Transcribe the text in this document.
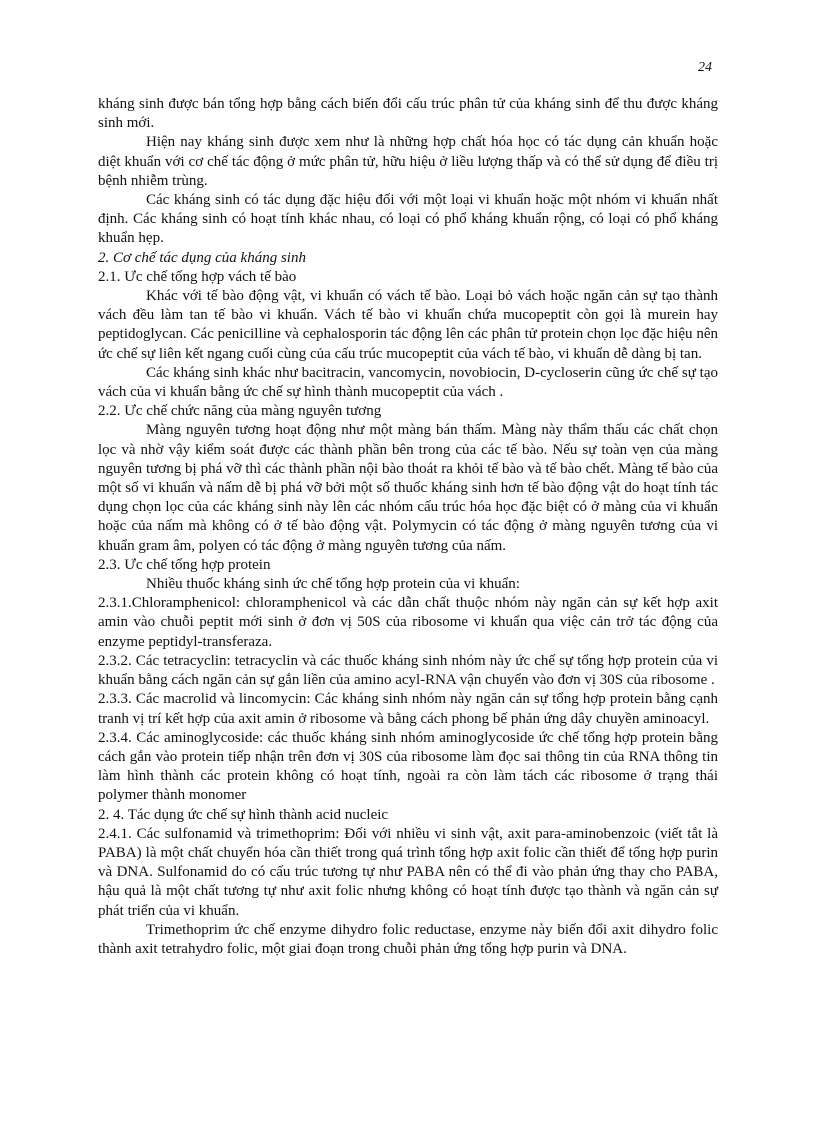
24

kháng sinh được bán tổng hợp bằng cách biến đổi cấu trúc phân tử của kháng sinh để thu được kháng sinh mới.

Hiện nay kháng sinh được xem như là những hợp chất hóa học có tác dụng cản khuẩn hoặc diệt khuẩn với cơ chế tác động ở mức phân tử, hữu hiệu ở liều lượng thấp và có thể sử dụng để điều trị bệnh nhiễm trùng.

Các kháng sinh có tác dụng đặc hiệu đối với một loại vi khuẩn hoặc một nhóm vi khuẩn nhất định. Các kháng sinh có hoạt tính khác nhau, có loại có phổ kháng khuẩn rộng, có loại có phổ kháng khuẩn hẹp.

2. Cơ chế tác dụng của kháng sinh

2.1. Ưc chế tổng hợp vách tế bào

Khác với tế bào động vật, vi khuẩn có vách tế bào. Loại bỏ vách hoặc ngăn cản sự tạo thành vách đều làm tan tế bào vi khuẩn. Vách tế bào vi khuẩn chứa mucopeptit còn gọi là murein hay peptidoglycan. Các penicilline và cephalosporin tác động lên các phân tử protein chọn lọc đặc hiệu nên ức chế sự liên kết ngang cuối cùng của cấu trúc mucopeptit của vách tế bào, vi khuẩn dễ dàng bị tan.

Các kháng sinh khác như bacitracin, vancomycin, novobiocin, D-cycloserin cũng ức chế sự tạo vách của vi khuẩn bằng ức chế sự hình thành mucopeptit của vách .

2.2. Ưc chế chức năng của màng nguyên tương

Màng nguyên tương hoạt động như một màng bán thấm. Màng này thẩm thấu các chất chọn lọc và nhờ vậy kiểm soát được các thành phần bên trong của các tế bào. Nếu sự toàn vẹn của màng nguyên tương bị phá vỡ thì các thành phần nội bào thoát ra khỏi tế bào và tế bào chết. Màng tế bào của một số vi khuẩn và nấm dễ bị phá vỡ bởi một số thuốc kháng sinh hơn tế bào động vật do hoạt tính tác dụng chọn lọc của các kháng sinh này lên các nhóm cấu trúc hóa học đặc biệt có ở màng của vi khuẩn hoặc của nấm mà không có ở tế bào động vật. Polymycin có tác động ở màng nguyên tương của vi khuẩn gram âm, polyen có tác động ở màng nguyên tương của nấm.

2.3. Ưc chế tổng hợp protein

Nhiều thuốc kháng sinh ức chế tổng hợp protein của vi khuẩn:

2.3.1.Chloramphenicol: chloramphenicol và các dẫn chất thuộc nhóm này ngăn cản sự kết hợp axit amin vào chuỗi peptit mới sinh ở đơn vị 50S của ribosome vi khuẩn qua việc cản trở tác động của enzyme peptidyl-transferaza.

2.3.2. Các tetracyclin: tetracyclin và các thuốc kháng sinh nhóm này ức chế sự tổng hợp protein của vi khuẩn bằng cách ngăn cản sự gắn liền của amino acyl-RNA vận chuyển vào đơn vị 30S của ribosome .

2.3.3. Các macrolid và lincomycin: Các kháng sinh nhóm này ngăn cản sự tổng hợp protein bằng cạnh tranh vị trí kết hợp của axit amin ở ribosome và bằng cách phong bế phản ứng dây chuyền aminoacyl.

2.3.4. Các aminoglycoside: các thuốc kháng sinh nhóm aminoglycoside ức chế tổng hợp protein bằng cách gắn vào protein tiếp nhận trên đơn vị 30S của ribosome làm đọc sai thông tin của RNA thông tin làm hình thành các protein không có hoạt tính, ngoài ra còn làm tách các ribosome ở trạng thái polymer thành monomer

2. 4. Tác dụng ức chế sự hình thành acid nucleic

2.4.1. Các sulfonamid và trimethoprim: Đối với nhiều vi sinh vật, axit para-aminobenzoic (viết tắt là PABA) là một chất chuyển hóa cần thiết trong quá trình tổng hợp axit folic cần thiết để tổng hợp purin và DNA. Sulfonamid do có cấu trúc tương tự như PABA nên có thể đi vào phản ứng thay cho PABA, hậu quả là một chất tương tự như axit folic nhưng không có hoạt tính được tạo thành và ngăn cản sự phát triển của vi khuẩn.

Trimethoprim ức chế enzyme dihydro folic reductase, enzyme này biến đổi axit dihydro folic thành axit tetrahydro folic, một giai đoạn trong chuỗi phản ứng tổng hợp purin và DNA.
